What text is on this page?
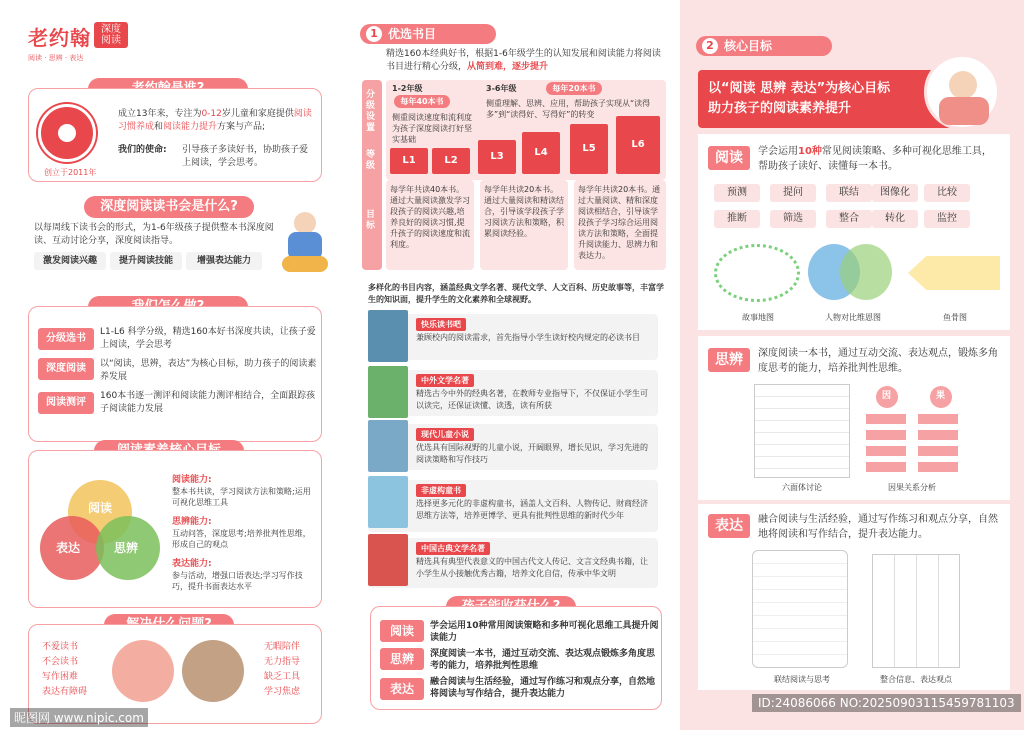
老约翰 深度阅读
阅读 · 思辨 · 表达
创立于2011年
成立13年来，专注为0-12岁儿童和家庭提供阅读习惯养成和阅读能力提升方案与产品;
我们的使命: 引导孩子多读好书，协助孩子爱上阅读，学会思考。
深度阅读读书会是什么?
以每周线下读书会的形式，为1-6年级孩子提供整本书深度阅读、互动讨论分享，深度阅读指导。
激发阅读兴趣	提升阅读技能	增强表达能力
分级选书
L1-L6 科学分级，精选160本好书深度共读，让孩子爱上阅读，学会思考
深度阅读	以“阅读，思辨，表达”为核心目标，助力孩子的阅读素养发展
阅读测评
160本书逐一测评和阅读能力测评相结合，全面跟踪孩子阅读能力发展
阅读
表达	思辨
阅读能力:
整本书共读，学习阅读方法和策略;运用可视化思维工具
思辨能力:
互动问答，深度思考;培养批判性思维，形成自己的观点
表达能力:
参与活动，增强口语表达;学习写作技巧，提升书面表达水平
不爱读书
不会读书
写作困难
表达有障碍
无暇陪伴
无力指导
缺乏工具
学习焦虑
1 优选书目
精选160本经典好书，根据1-6年级学生的认知发展和阅读能力将阅读书目进行精心分级，从简到难，逐步提升
分级设置
等级
目标
1-2年级
每年40本书
侧重阅读速度和流利度为孩子深度阅读打好坚实基础
3-6年级	每年20本书
侧重理解、思辨、应用，帮助孩子实现从“读得多”到“读得好、写得好”的转变
L1	L2	L3	L4	L5	L6
每学年共读40本书。通过大量阅读激发学习段孩子的阅读兴趣,培养良好的阅读习惯,提升孩子的阅读速度和流利度。
每学年共读20本书。通过大量阅读和精读结合，引导该学段孩子学习阅读方法和策略，积累阅读经验。
每学年共读20本书。通过大量阅读、精和深度阅读相结合，引导该学段孩子学习综合运用阅读方法和策略，全面提升阅读能力、思辨力和表达力。
多样化的书目内容，涵盖经典文学名著、现代文学、人文百科、历史故事等，丰富学生的知识面，提升学生的文化素养和全球视野。
快乐读书吧
兼顾校内的阅读需求，首先指导小学生读好校内规定的必读书目
中外文学名著
精选古今中外的经典名著，在教师专业指导下，不仅保证小学生可以读完，还保证读懂、读透，读有所获
现代儿童小说
优选具有国际视野的儿童小说，开阔眼界，增长见识，学习先进的阅读策略和写作技巧
非虚构童书
选择更多元化的非虚构童书，涵盖人文百科、人物传记、财商经济思维方法等，培养更博学、更具有批判性思维的新时代少年
中国古典文学名著
精选具有典型代表意义的中国古代文人传记、文言文经典书籍，让小学生从小接触优秀古籍，培养文化自信，传承中华文明
阅读	学会运用10种常用阅读策略和多种可视化思维工具提升阅读能力
思辨	深度阅读一本书，通过互动交流、表达观点锻炼多角度思考的能力，培养批判性思维
表达	融合阅读与生活经验，通过写作练习和观点分享，自然地将阅读与写作结合，提升表达能力
2 核心目标
以“阅读 思辨 表达”为核心目标
助力孩子的阅读素养提升
阅读	学会运用10种常见阅读策略、多种可视化思维工具，帮助孩子读好、读懂每一本书。
预测	提问	联结	图像化	比较
推断	筛选	整合	转化	监控
故事地图	人物对比维恩图	鱼骨图
思辨	深度阅读一本书，通过互动交流、表达观点，锻炼多角度思考的能力，培养批判性思维。
因	果
六面体讨论	因果关系分析
表达	融合阅读与生活经验，通过写作练习和观点分享，自然地将阅读和写作结合，提升表达能力。
联结阅读与思考	整合信息、表达观点
昵图网 www.nipic.com
ID:24086066 NO:20250903115459781103
